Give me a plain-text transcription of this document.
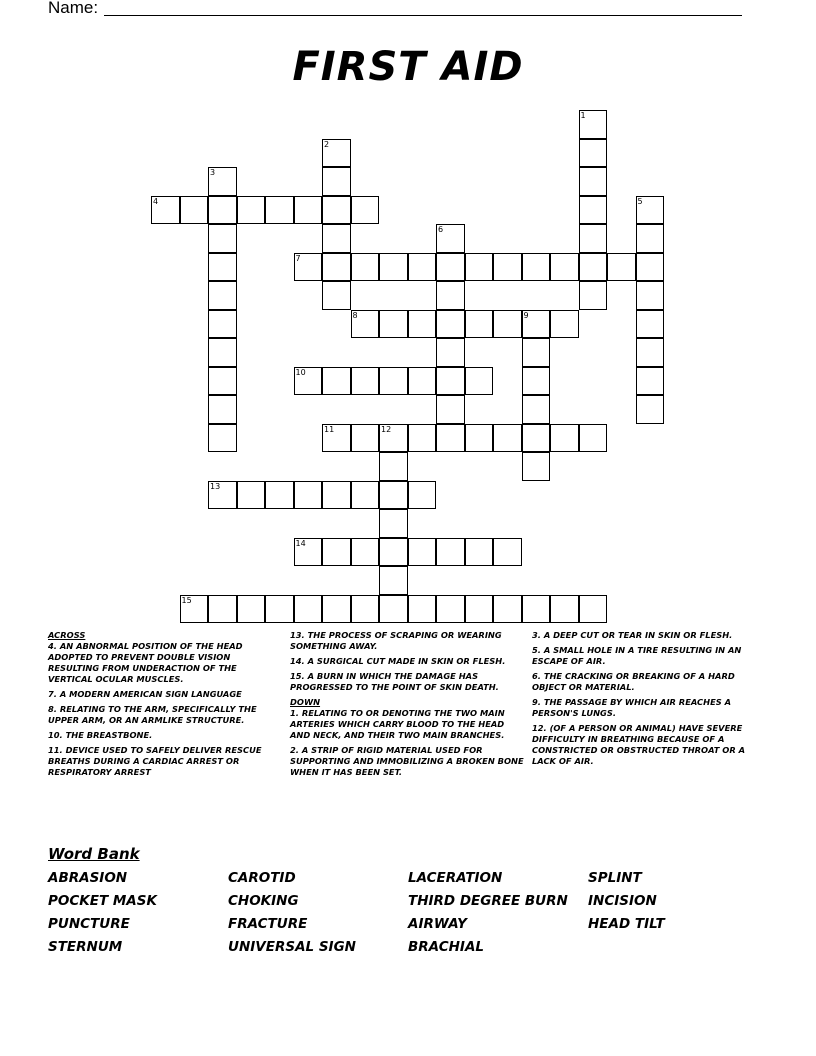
Name:
FIRST AID
4
7
8	9
10
11	12
13
14
15
1
2
3
5
6

ACROSS

4. AN ABNORMAL POSITION OF THE HEAD ADOPTED TO PREVENT DOUBLE VISION RESULTING FROM UNDERACTION OF THE VERTICAL OCULAR MUSCLES.

7. A MODERN AMERICAN SIGN LANGUAGE

8. RELATING TO THE ARM, SPECIFICALLY THE UPPER ARM, OR AN ARMLIKE STRUCTURE.

10. THE BREASTBONE.

11. DEVICE USED TO SAFELY DELIVER RESCUE BREATHS DURING A CARDIAC ARREST OR RESPIRATORY ARREST

13. THE PROCESS OF SCRAPING OR WEARING SOMETHING AWAY.

14. A SURGICAL CUT MADE IN SKIN OR FLESH.

15. A BURN IN WHICH THE DAMAGE HAS PROGRESSED TO THE POINT OF SKIN DEATH.

DOWN

1. RELATING TO OR DENOTING THE TWO MAIN ARTERIES WHICH CARRY BLOOD TO THE HEAD AND NECK, AND THEIR TWO MAIN BRANCHES.

2. A STRIP OF RIGID MATERIAL USED FOR SUPPORTING AND IMMOBILIZING A BROKEN BONE WHEN IT HAS BEEN SET.

3. A DEEP CUT OR TEAR IN SKIN OR FLESH.

5. A SMALL HOLE IN A TIRE RESULTING IN AN ESCAPE OF AIR.

6. THE CRACKING OR BREAKING OF A HARD OBJECT OR MATERIAL.

9. THE PASSAGE BY WHICH AIR REACHES A PERSON'S LUNGS.

12. (OF A PERSON OR ANIMAL) HAVE SEVERE DIFFICULTY IN BREATHING BECAUSE OF A CONSTRICTED OR OBSTRUCTED THROAT OR A LACK OF AIR.

Word Bank
ABRASION	CAROTID	LACERATION	SPLINT
POCKET MASK	CHOKING	THIRD DEGREE BURN	INCISION
PUNCTURE	FRACTURE	AIRWAY	HEAD TILT
STERNUM	UNIVERSAL SIGN	BRACHIAL
